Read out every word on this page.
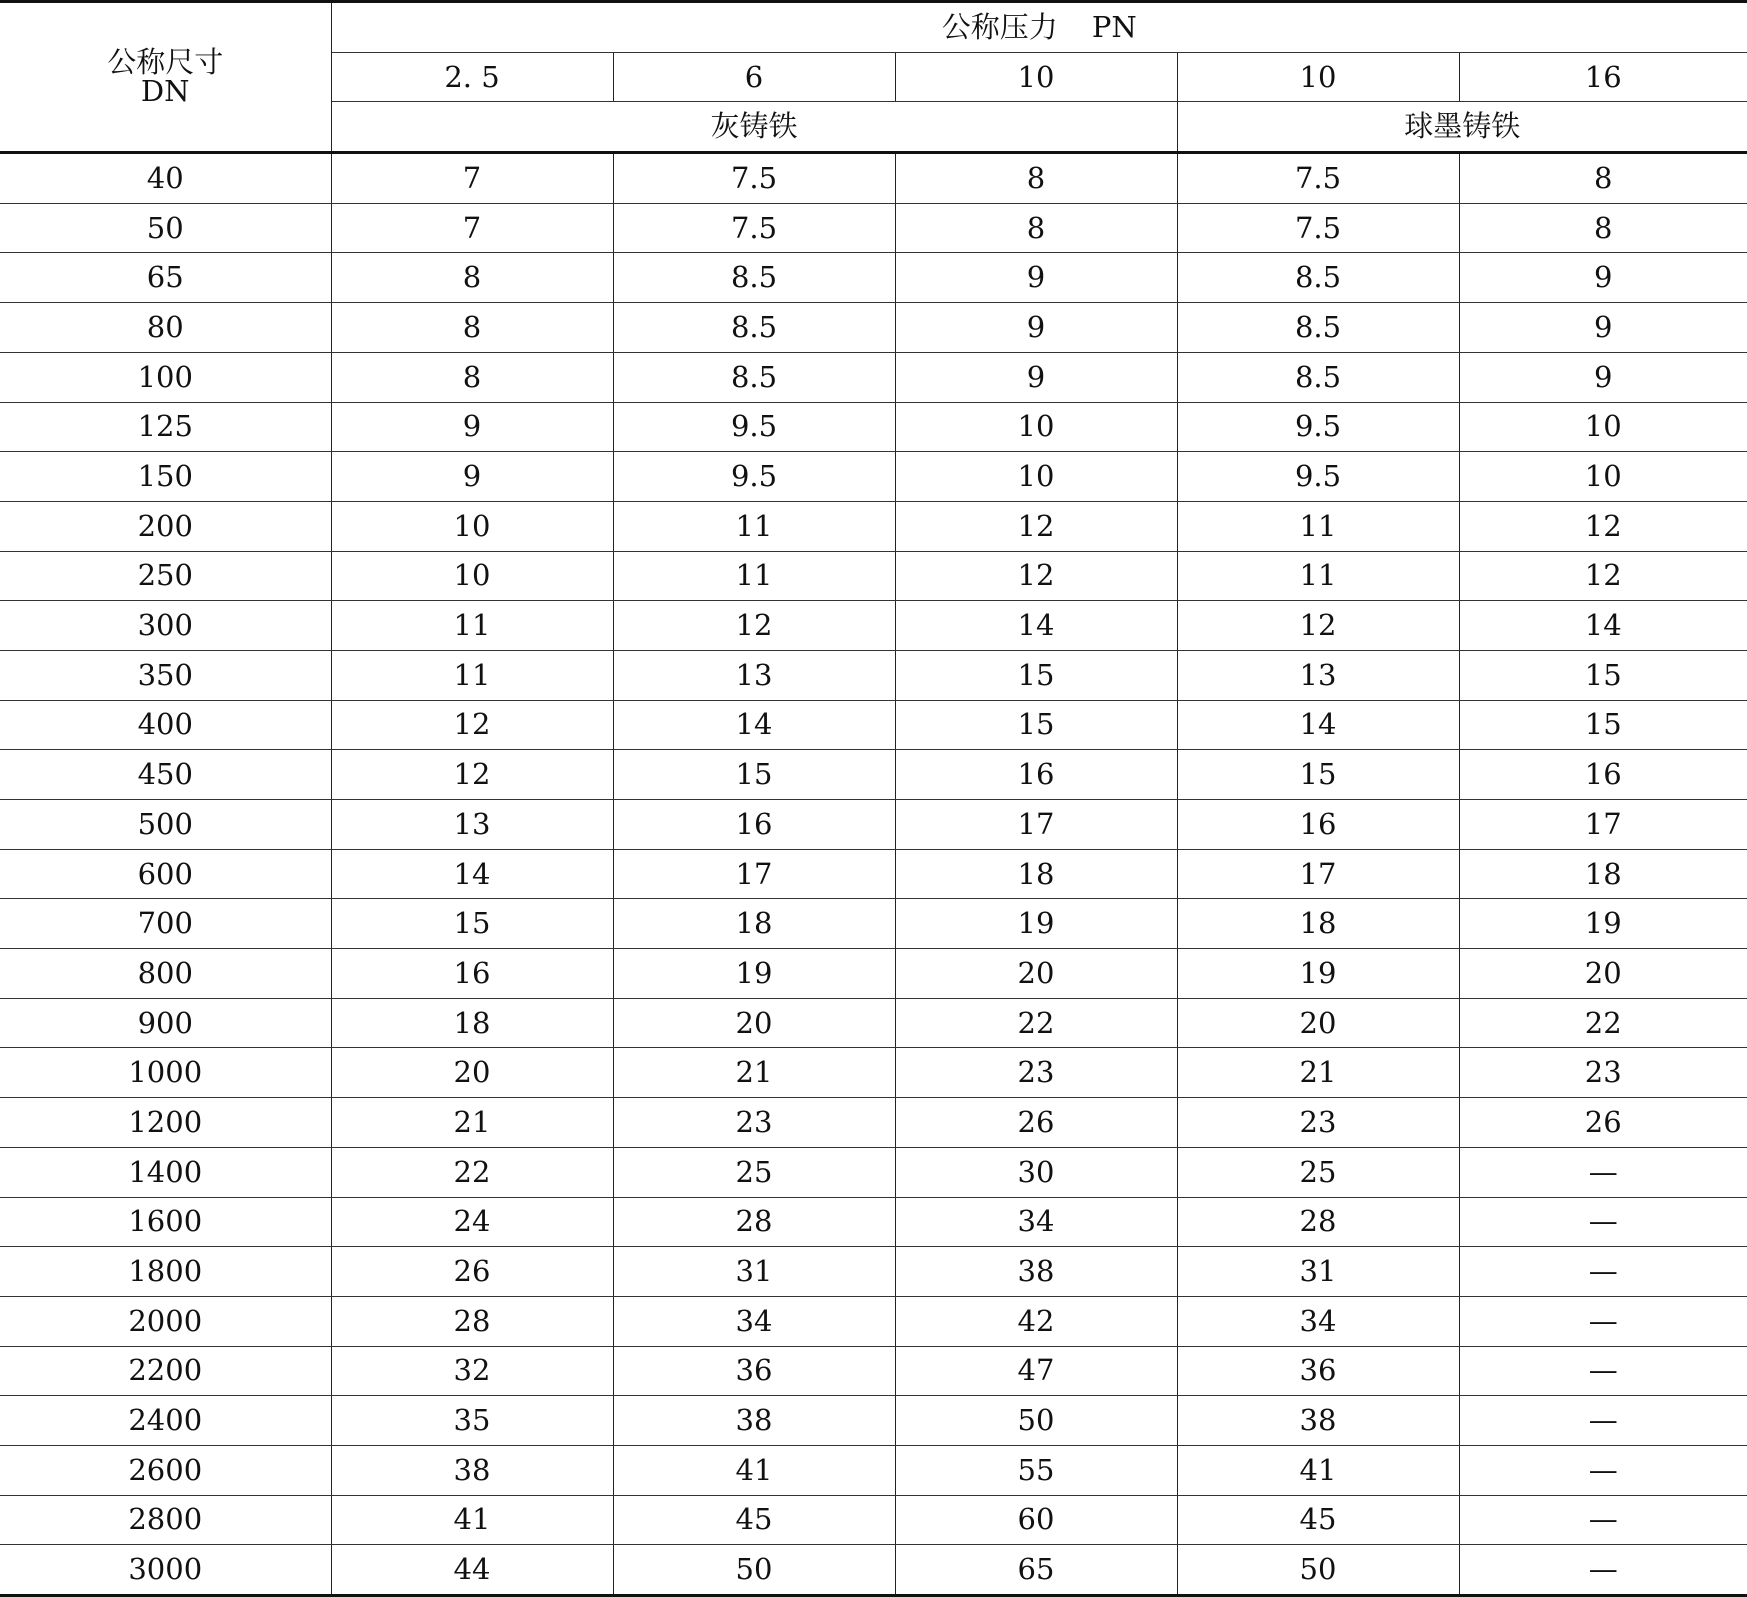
公称尺寸
DN	公称压力 PN				
	2. 5	6	10	10	16
	灰铸铁			球墨铸铁	
40	7	7.5	8	7.5	8
50	7	7.5	8	7.5	8
65	8	8.5	9	8.5	9
80	8	8.5	9	8.5	9
100	8	8.5	9	8.5	9
125	9	9.5	10	9.5	10
150	9	9.5	10	9.5	10
200	10	11	12	11	12
250	10	11	12	11	12
300	11	12	14	12	14
350	11	13	15	13	15
400	12	14	15	14	15
450	12	15	16	15	16
500	13	16	17	16	17
600	14	17	18	17	18
700	15	18	19	18	19
800	16	19	20	19	20
900	18	20	22	20	22
1000	20	21	23	21	23
1200	21	23	26	23	26
1400	22	25	30	25	—
1600	24	28	34	28	—
1800	26	31	38	31	—
2000	28	34	42	34	—
2200	32	36	47	36	—
2400	35	38	50	38	—
2600	38	41	55	41	—
2800	41	45	60	45	—
3000	44	50	65	50	—
